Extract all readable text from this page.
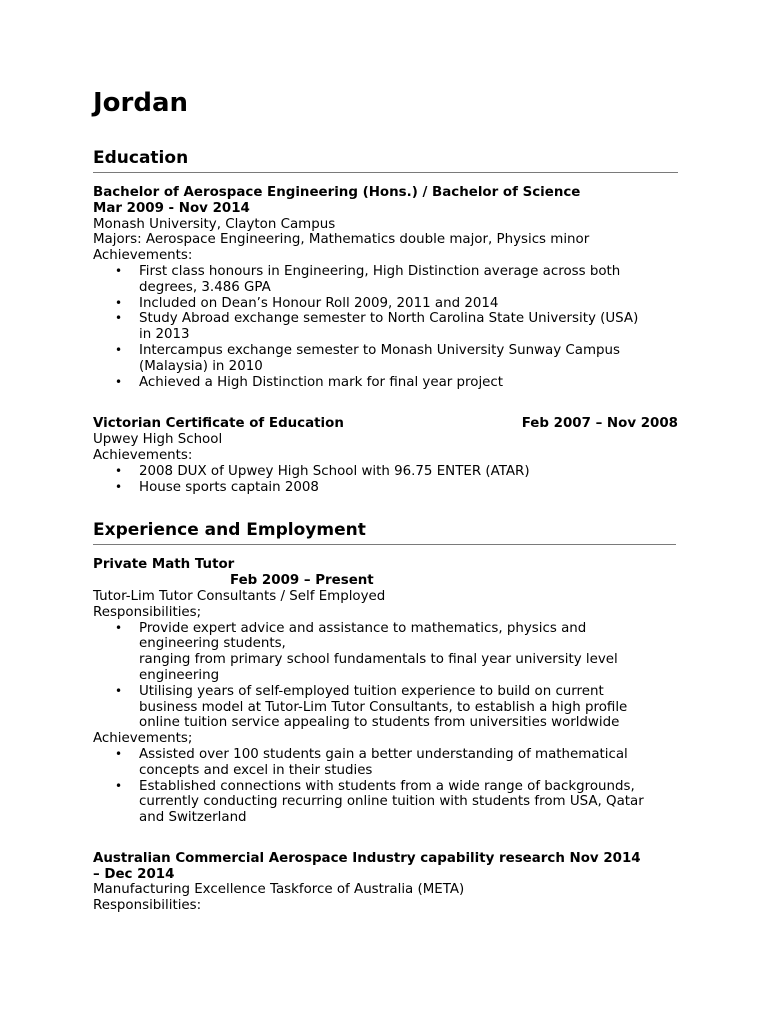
Jordan
Education
Bachelor of Aerospace Engineering (Hons.) / Bachelor of Science
Mar 2009 - Nov 2014
Monash University, Clayton Campus
Majors: Aerospace Engineering, Mathematics double major, Physics minor
Achievements:
• First class honours in Engineering, High Distinction average across both
degrees, 3.486 GPA
• Included on Dean’s Honour Roll 2009, 2011 and 2014
• Study Abroad exchange semester to North Carolina State University (USA)
in 2013
• Intercampus exchange semester to Monash University Sunway Campus
(Malaysia) in 2010
• Achieved a High Distinction mark for final year project
Victorian Certificate of Education	Feb 2007 – Nov 2008
Upwey High School
Achievements:
• 2008 DUX of Upwey High School with 96.75 ENTER (ATAR)
• House sports captain 2008
Experience and Employment
Private Math Tutor
Feb 2009 – Present
Tutor-Lim Tutor Consultants / Self Employed
Responsibilities;
• Provide expert advice and assistance to mathematics, physics and
engineering students,
ranging from primary school fundamentals to final year university level
engineering
• Utilising years of self-employed tuition experience to build on current
business model at Tutor-Lim Tutor Consultants, to establish a high profile
online tuition service appealing to students from universities worldwide
Achievements;
• Assisted over 100 students gain a better understanding of mathematical
concepts and excel in their studies
• Established connections with students from a wide range of backgrounds,
currently conducting recurring online tuition with students from USA, Qatar
and Switzerland
Australian Commercial Aerospace Industry capability research Nov 2014
– Dec 2014
Manufacturing Excellence Taskforce of Australia (META)
Responsibilities:
